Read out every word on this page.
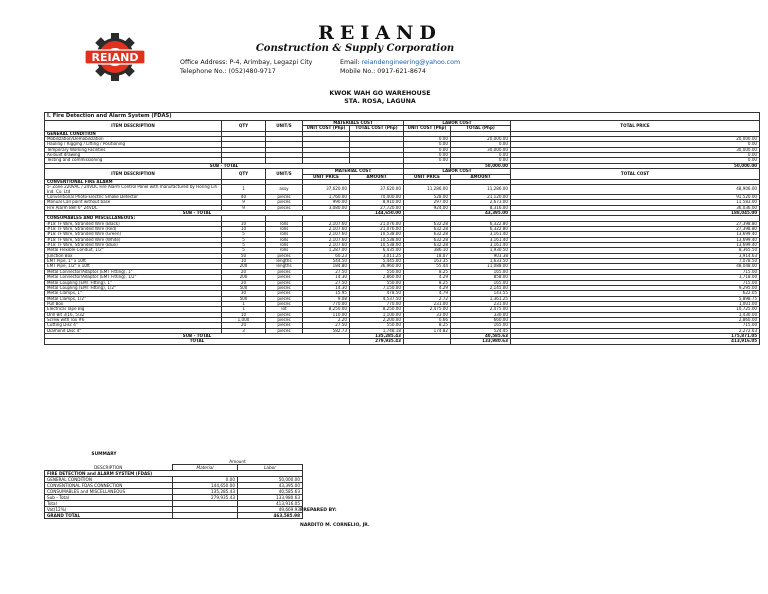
REIAND
REIAND
Construction & Supply Corporation
Office Address: P-4, Arimbay, Legazpi City
Telephone No.: (052)480-9717
Email: reiandengineering@yahoo.com
Mobile No.: 0917-621-8674
KWOK WAH GO WAREHOUSE
STA. ROSA, LAGUNA
I. Fire Detection and Alarm System (FDAS)							
ITEM DESCRIPTION	QTY	UNIT/S	MATERIALS COST		LABOR COST		TOTAL PRICE
			UNIT COST (Php)	TOTAL COST (Php)	UNIT COST (Php)	TOTAL (Php)	
GENERAL CONDITION							
Mobilization/Demobilization					0.00	20,000.00	20,000.00
Hauling / Rigging / Lifting / Positioning					0.00	0.00	0.00
Temporary Working Facilities					0.00	30,000.00	30,000.00
As-built drawing					0.00	0.00	0.00
Testing and commissioning					0.00	0.00	0.00
SUB - TOTAL						50,000.00	50,000.00
ITEM DESCRIPTION	QTY	UNIT/S	MATERIAL COST		LABOR COST		TOTAL COST
			UNIT PRICE	AMOUNT	UNIT PRICE	AMOUNT	
CONVENTIONAL FIRE ALARM							
5- Zone 220VAC / 24VDC Fire Alarm Control Panel with manufactured by Horing Lih Ind. Co. Ltd	1	assy	37,620.00	37,620.00	11,286.00	11,286.00	48,906.00
Conventional Photo-Electric Smoke Detector	40	pieces	1,760.00	70,400.00	528.00	21,120.00	91,520.00
Manual Call point without base	9	pieces	990.00	8,910.00	297.00	2,673.00	11,583.00
Fire Alarm Bell 6" 24VDC	9	pieces	3,080.00	27,720.00	924.00	8,316.00	36,036.00
SUB - TOTAL				144,650.00		43,395.00	188,045.00
CONSUMABLES AND MISCELLANEOUS:							
#18 TF Wire, Stranded Wire (Black)	10	rolls	2,107.60	21,076.00	632.28	6,322.80	27,398.80
#18 TF Wire, Stranded Wire (Red)	10	rolls	2,107.60	21,076.00	632.28	6,322.80	27,398.80
#18 TF Wire, Stranded Wire (Green)	5	rolls	2,107.60	10,538.00	632.28	3,161.40	13,699.40
#18 TF Wire, Stranded Wire (White)	5	rolls	2,107.60	10,538.00	632.28	3,161.40	13,699.40
#18 TF Wire, Stranded Wire (Blue)	5	rolls	2,107.60	10,538.00	632.28	3,161.40	13,699.40
Metal Flexible Conduit, 1/2"	5	rolls	1,287.00	6,435.00	386.10	1,930.50	8,365.50
Junction Box	50	pieces	60.23	3,011.25	18.07	903.38	3,914.63
EMT Pipe, 1" x 10ft	10	lengths	544.50	5,445.00	163.35	1,633.50	7,078.50
EMT Pipe, 1/2" x 10ft	200	lengths	184.80	36,960.00	55.44	11,088.00	48,048.00
Metal Connector/Adaptor (EMT Fitting), 1"	20	pieces	27.50	550.00	8.25	165.00	715.00
Metal Connector/Adaptor (EMT Fitting), 1/2"	200	pieces	14.30	2,860.00	4.29	858.00	3,718.00
Metal Coupling (EMT Fitting), 1"	20	pieces	27.50	550.00	8.25	165.00	715.00
Metal Coupling (EMT Fitting), 1/2"	500	pieces	14.30	7,150.00	4.29	2,145.00	9,295.00
Metal Clamps, 1"	30	pieces	15.95	478.50	4.79	143.55	622.05
Metal Clamps, 1/2"	500	pieces	9.08	4,537.50	2.72	1,361.25	5,898.75
Pull Box	1	pieces	770.00	770.00	231.00	231.00	1,001.00
Electrical Tape Big	1	lot	8,250.00	8,250.00	2,475.00	2,475.00	10,725.00
Drill Bit 3/16, 5/32	10	pieces	110.00	1,100.00	33.00	330.00	1,430.00
Screw with Tox #6	1,000	pieces	2.20	2,200.00	0.66	660.00	2,860.00
Cutting Disc 4"	20	pieces	27.50	550.00	8.25	165.00	715.00
Diamond Disc 4"	3	pieces	582.73	1,748.18	174.82	524.45	2,272.63
SUB - TOTAL				135,285.43		40,585.63	175,871.05
TOTAL				279,935.43		133,980.63	413,916.05
SUMMARY
DESCRIPTION	Amount	
	Material	Labor
FIRE DETECTION and ALARM SYSTEM (FDAS)		
GENERAL CONDITION	0.00	50,000.00
CONVENTIONAL FDAS CONNECTION	144,650.00	43,395.00
CONSUMABLES and MISCELLANEOUS	135,285.43	40,585.63
Sub - Total	279,935.43	133,980.63
Total		413,916.05
Vat(12%)		49,669.93
GRAND TOTAL		463,585.98
PREPARED BY:
NARDITO M. CORNELIO, JR.
